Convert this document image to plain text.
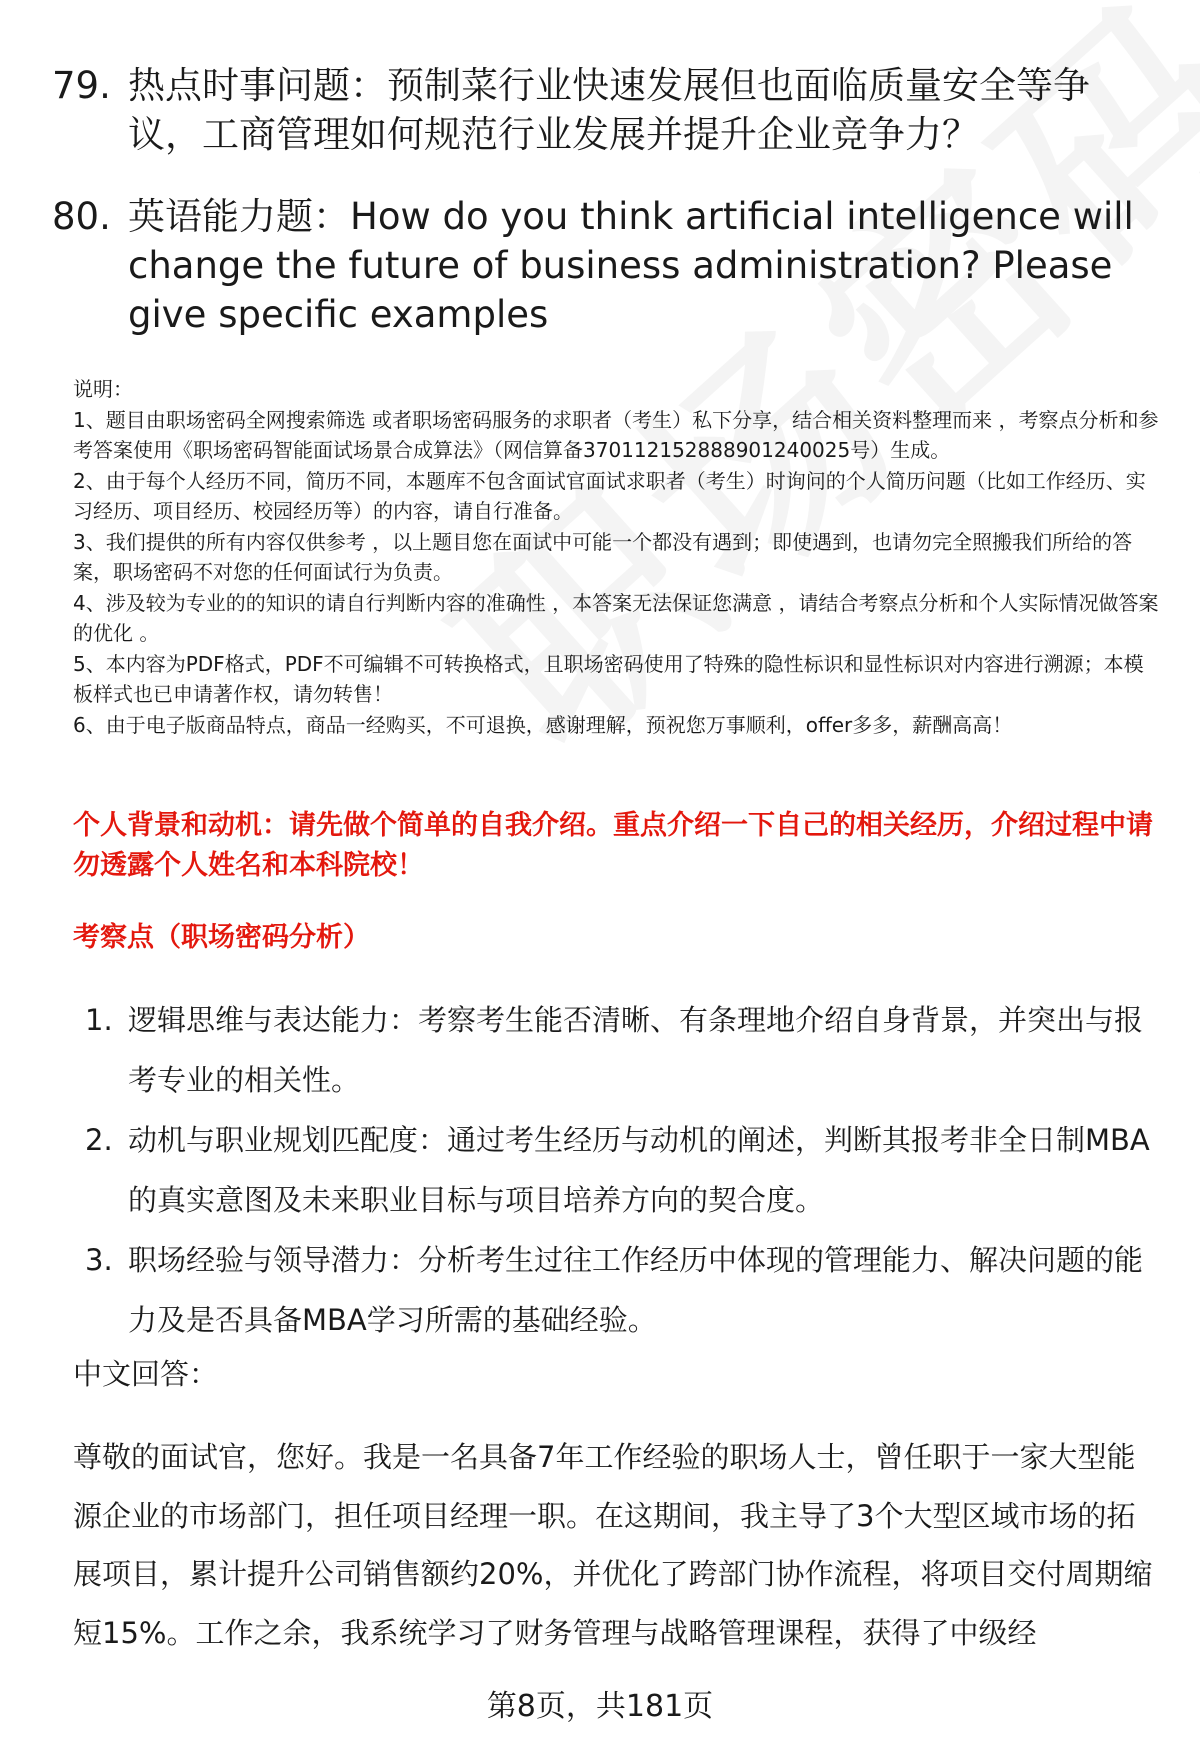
79. 热点时事问题：预制菜行业快速发展但也面临质量安全等争议，工商管理如何规范行业发展并提升企业竞争力？
80. 英语能力题：How do you think artificial intelligence will change the future of business administration? Please give specific examples

说明：

1、题目由职场密码全网搜索筛选 或者职场密码服务的求职者（考生）私下分享，结合相关资料整理而来 ，考察点分析和参考答案使用《职场密码智能面试场景合成算法》（网信算备370112152888901240025号）生成。

2、由于每个人经历不同，简历不同，本题库不包含面试官面试求职者（考生）时询问的个人简历问题（比如工作经历、实习经历、项目经历、校园经历等）的内容，请自行准备。

3、我们提供的所有内容仅供参考 ，以上题目您在面试中可能一个都没有遇到；即使遇到，也请勿完全照搬我们所给的答案，职场密码不对您的任何面试行为负责。

4、涉及较为专业的的知识的请自行判断内容的准确性 ，本答案无法保证您满意 ，请结合考察点分析和个人实际情况做答案的优化 。

5、本内容为PDF格式，PDF不可编辑不可转换格式，且职场密码使用了特殊的隐性标识和显性标识对内容进行溯源；本模板样式也已申请著作权，请勿转售！

6、由于电子版商品特点，商品一经购买，不可退换，感谢理解，预祝您万事顺利，offer多多，薪酬高高！

个人背景和动机：请先做个简单的自我介绍。重点介绍一下自己的相关经历，介绍过程中请勿透露个人姓名和本科院校！
考察点（职场密码分析）
1. 逻辑思维与表达能力：考察考生能否清晰、有条理地介绍自身背景，并突出与报考专业的相关性。
2. 动机与职业规划匹配度：通过考生经历与动机的阐述，判断其报考非全日制MBA的真实意图及未来职业目标与项目培养方向的契合度。
3. 职场经验与领导潜力：分析考生过往工作经历中体现的管理能力、解决问题的能力及是否具备MBA学习所需的基础经验。
中文回答：

尊敬的面试官，您好。我是一名具备7年工作经验的职场人士，曾任职于一家大型能源企业的市场部门，担任项目经理一职。在这期间，我主导了3个大型区域市场的拓展项目，累计提升公司销售额约20%，并优化了跨部门协作流程，将项目交付周期缩短15%。工作之余，我系统学习了财务管理与战略管理课程，获得了中级经

第8页，共181页
